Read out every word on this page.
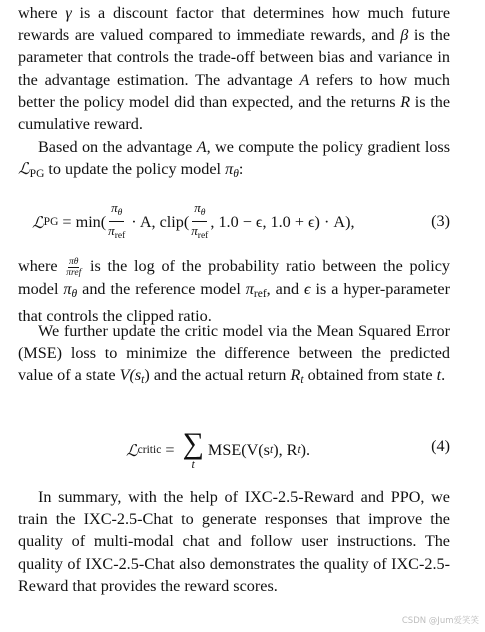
where γ is a discount factor that determines how much future rewards are valued compared to immediate rewards, and β is the parameter that controls the trade-off between bias and variance in the advantage estimation. The advantage A refers to how much better the policy model did than expected, and the returns R is the cumulative reward.
Based on the advantage A, we compute the policy gradient loss ℒ$_{PG}$ to update the policy model πθ:
ℒ PG = $\min( \frac{\pi_\theta}{\pi_{ref}} \cdot A$, clip( $\frac{\pi_\theta}{\pi_{ref}}$ , 1.0 − ϵ, 1.0 + ϵ) · A),	(3)
where πθ
πref is the log of the probability ratio between the policy model πθ and the reference model $\pi_{ref}$, and ϵ is a hyper-parameter that controls the clipped ratio.
We further update the critic model via the Mean Squared Error (MSE) loss to minimize the difference between the predicted value of a state V(st) and the actual return Rt obtained from state t.
ℒ critic = ∑
t
MSE(V(s t ), R t ).	(4)
In summary, with the help of IXC-2.5-Reward and PPO, we train the IXC-2.5-Chat to generate responses that improve the quality of multi-modal chat and follow user instructions. The quality of IXC-2.5-Chat also demonstrates the quality of IXC-2.5-Reward that provides the reward scores.
CSDN @Jum爱笑笑
